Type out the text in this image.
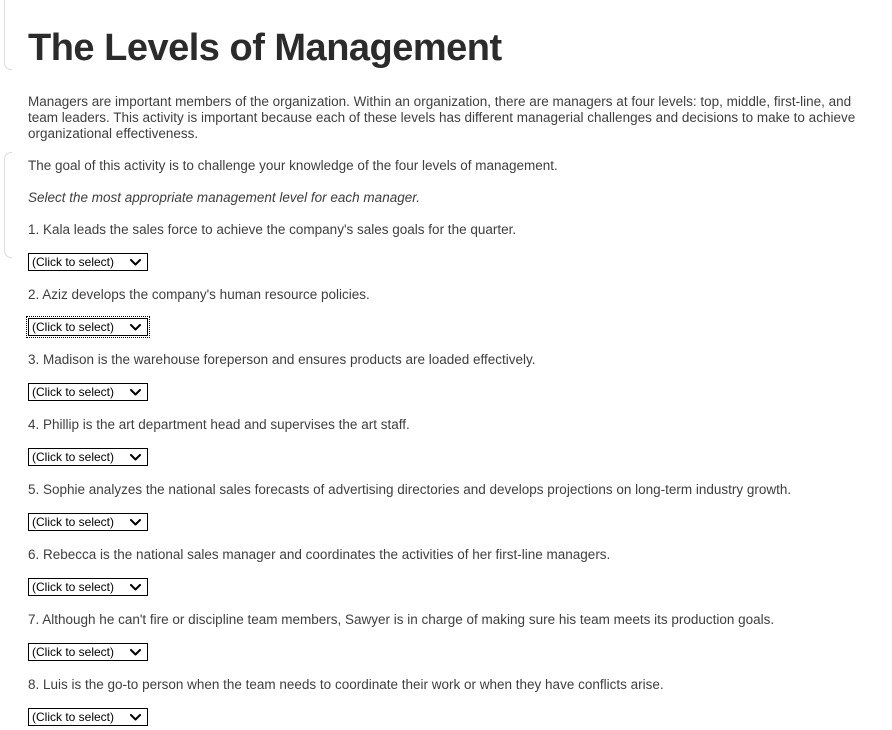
The Levels of Management

Managers are important members of the organization. Within an organization, there are managers at four levels: top, middle, first-line, and team leaders. This activity is important because each of these levels has different managerial challenges and decisions to make to achieve organizational effectiveness.

The goal of this activity is to challenge your knowledge of the four levels of management.

Select the most appropriate management level for each manager.

1. Kala leads the sales force to achieve the company's sales goals for the quarter.

(Click to select)

2. Aziz develops the company's human resource policies.

(Click to select)

3. Madison is the warehouse foreperson and ensures products are loaded effectively.

(Click to select)

4. Phillip is the art department head and supervises the art staff.

(Click to select)

5. Sophie analyzes the national sales forecasts of advertising directories and develops projections on long-term industry growth.

(Click to select)

6. Rebecca is the national sales manager and coordinates the activities of her first-line managers.

(Click to select)

7. Although he can't fire or discipline team members, Sawyer is in charge of making sure his team meets its production goals.

(Click to select)

8. Luis is the go-to person when the team needs to coordinate their work or when they have conflicts arise.

(Click to select)
